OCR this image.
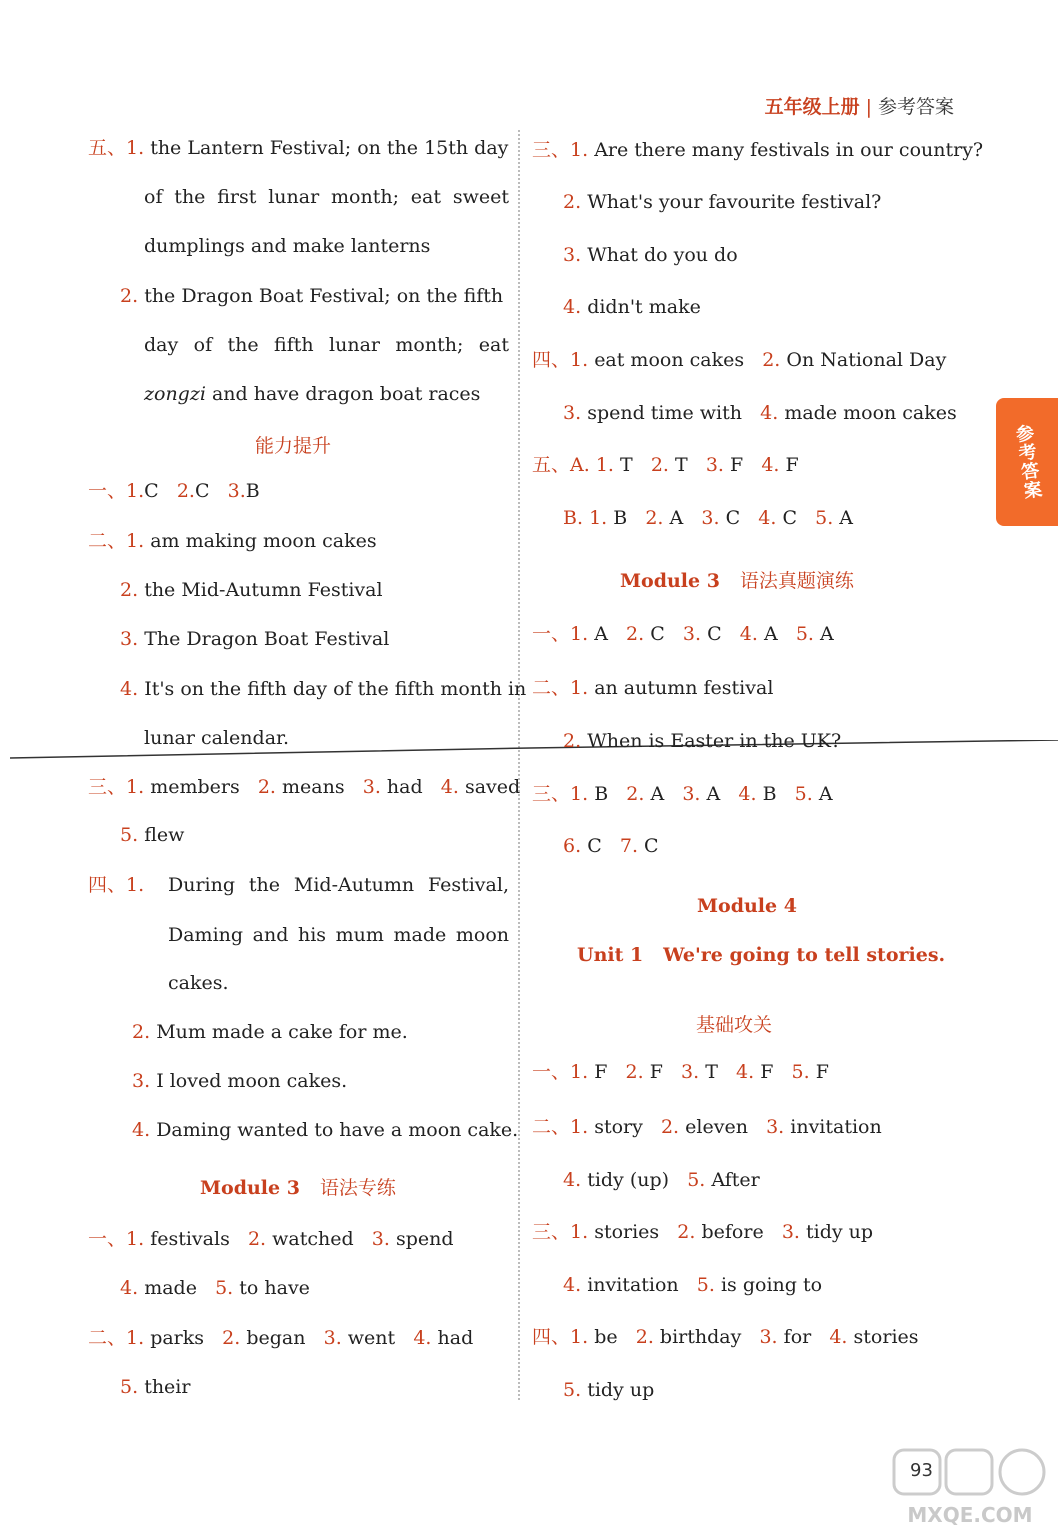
五年级上册 | 参考答案
参考答案
五、1. the Lantern Festival; on the 15th day
of the first lunar month; eat sweet
dumplings and make lanterns
2. the Dragon Boat Festival; on the fifth
day of the fifth lunar month; eat
zongzi and have dragon boat races
能力提升
一、1.C 2.C 3.B
二、1. am making moon cakes
2. the Mid-Autumn Festival
3. The Dragon Boat Festival
4. It's on the fifth day of the fifth month in
lunar calendar.
三、1. members 2. means 3. had 4. saved
5. flew
四、1. During the Mid-Autumn Festival,
Daming and his mum made moon
cakes.
2. Mum made a cake for me.
3. I loved moon cakes.
4. Daming wanted to have a moon cake.
Module 3 语法专练
一、1. festivals 2. watched 3. spend
4. made 5. to have
二、1. parks 2. began 3. went 4. had
5. their
三、1. Are there many festivals in our country?
2. What's your favourite festival?
3. What do you do
4. didn't make
四、1. eat moon cakes 2. On National Day
3. spend time with 4. made moon cakes
五、A. 1. T 2. T 3. F 4. F
B. 1. B 2. A 3. C 4. C 5. A
Module 3 语法真题演练
一、1. A 2. C 3. C 4. A 5. A
二、1. an autumn festival
2. When is Easter in the UK?
三、1. B 2. A 3. A 4. B 5. A
6. C 7. C
Module 4
Unit 1 We're going to tell stories.
基础攻关
一、1. F 2. F 3. T 4. F 5. F
二、1. story 2. eleven 3. invitation
4. tidy (up) 5. After
三、1. stories 2. before 3. tidy up
4. invitation 5. is going to
四、1. be 2. birthday 3. for 4. stories
5. tidy up
93
MXQE.COM
